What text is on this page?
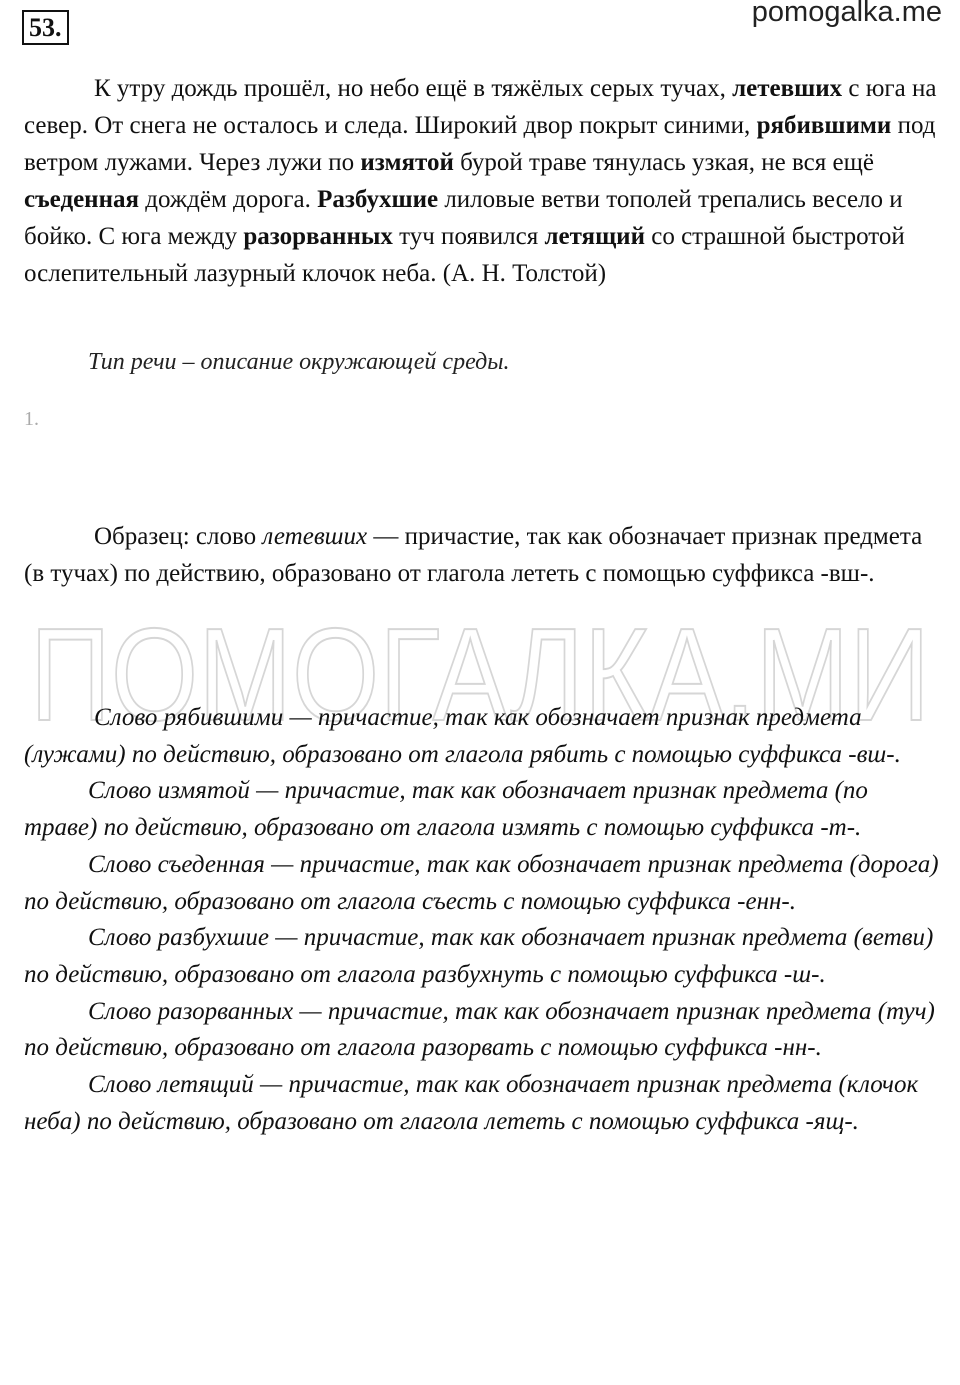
53.	pomogalka.me

К утру дождь прошёл, но небо ещё в тяжёлых серых тучах, летевших с юга на север. От снега не осталось и следа. Широкий двор покрыт синими, рябившими под ветром лужами. Через лужи по измятой бурой траве тянулась узкая, не вся ещё съеденная дождём дорога. Разбухшие лиловые ветви тополей трепались весело и бойко. С юга между разорванных туч появился летящий со страшной быстротой ослепительный лазурный клочок неба. (А. Н. Толстой)

Тип речи – описание окружающей среды.
1.

Образец: слово летевших — причастие, так как обозначает признак предмета (в тучах) по действию, образовано от глагола лететь с помощью суффикса -вш-.

ПОМОГАЛКА.МИ

Слово рябившими — причастие, так как обозначает признак предмета (лужами) по действию, образовано от глагола рябить с помощью суффикса -вш-.

Слово измятой — причастие, так как обозначает признак предмета (по траве) по действию, образовано от глагола измять с помощью суффикса -т-.

Слово съеденная — причастие, так как обозначает признак предмета (дорога) по действию, образовано от глагола съесть с помощью суффикса -енн-.

Слово разбухшие — причастие, так как обозначает признак предмета (ветви) по действию, образовано от глагола разбухнуть с помощью суффикса -ш-.

Слово разорванных — причастие, так как обозначает признак предмета (туч) по действию, образовано от глагола разорвать с помощью суффикса -нн-.

Слово летящий — причастие, так как обозначает признак предмета (клочок неба) по действию, образовано от глагола лететь с помощью суффикса -ящ-.
